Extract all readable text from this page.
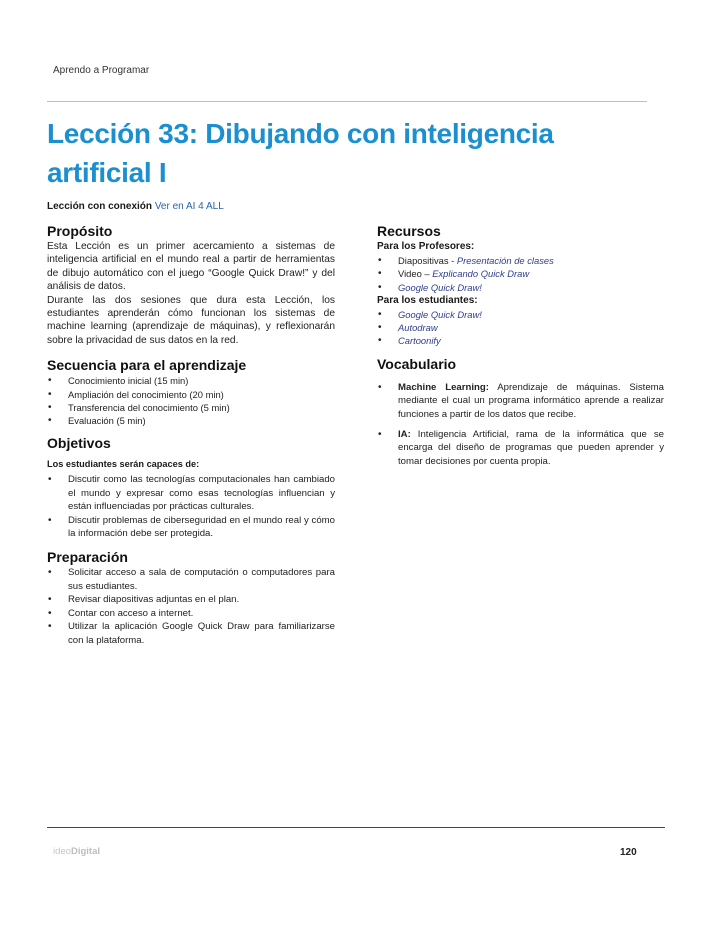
Aprendo a Programar
Lección 33: Dibujando con inteligencia
artificial I
Lección con conexión Ver en AI 4 ALL
Propósito

Esta Lección es un primer acercamiento a sistemas de inteligencia artificial en el mundo real a partir de herramientas de dibujo automático con el juego “Google Quick Draw!” y del análisis de datos.

Durante las dos sesiones que dura esta Lección, los estudiantes aprenderán cómo funcionan los sistemas de machine learning (aprendizaje de máquinas), y reflexionarán sobre la privacidad de sus datos en la red.

Secuencia para el aprendizaje
• Conocimiento inicial (15 min)
• Ampliación del conocimiento (20 min)
• Transferencia del conocimiento (5 min)
• Evaluación (5 min)
Objetivos
Los estudiantes serán capaces de:
• Discutir como las tecnologías computacionales han cambiado el mundo y expresar como esas tecnologías influencian y están influenciadas por prácticas culturales.
• Discutir problemas de ciberseguridad en el mundo real y cómo la información debe ser protegida.
Preparación
• Solicitar acceso a sala de computación o computadores para sus estudiantes.
• Revisar diapositivas adjuntas en el plan.
• Contar con acceso a internet.
• Utilizar la aplicación Google Quick Draw para familiarizarse con la plataforma.
Recursos
Para los Profesores:
• Diapositivas - Presentación de clases
• Video – Explicando Quick Draw
• Google Quick Draw!
Para los estudiantes:
• Google Quick Draw!
• Autodraw
• Cartoonify
Vocabulario
• Machine Learning: Aprendizaje de máquinas. Sistema mediante el cual un programa informático aprende a realizar funciones a partir de los datos que recibe.
• IA: Inteligencia Artificial, rama de la informática que se encarga del diseño de programas que pueden aprender y tomar decisiones por cuenta propia.
ideoDigital	120
